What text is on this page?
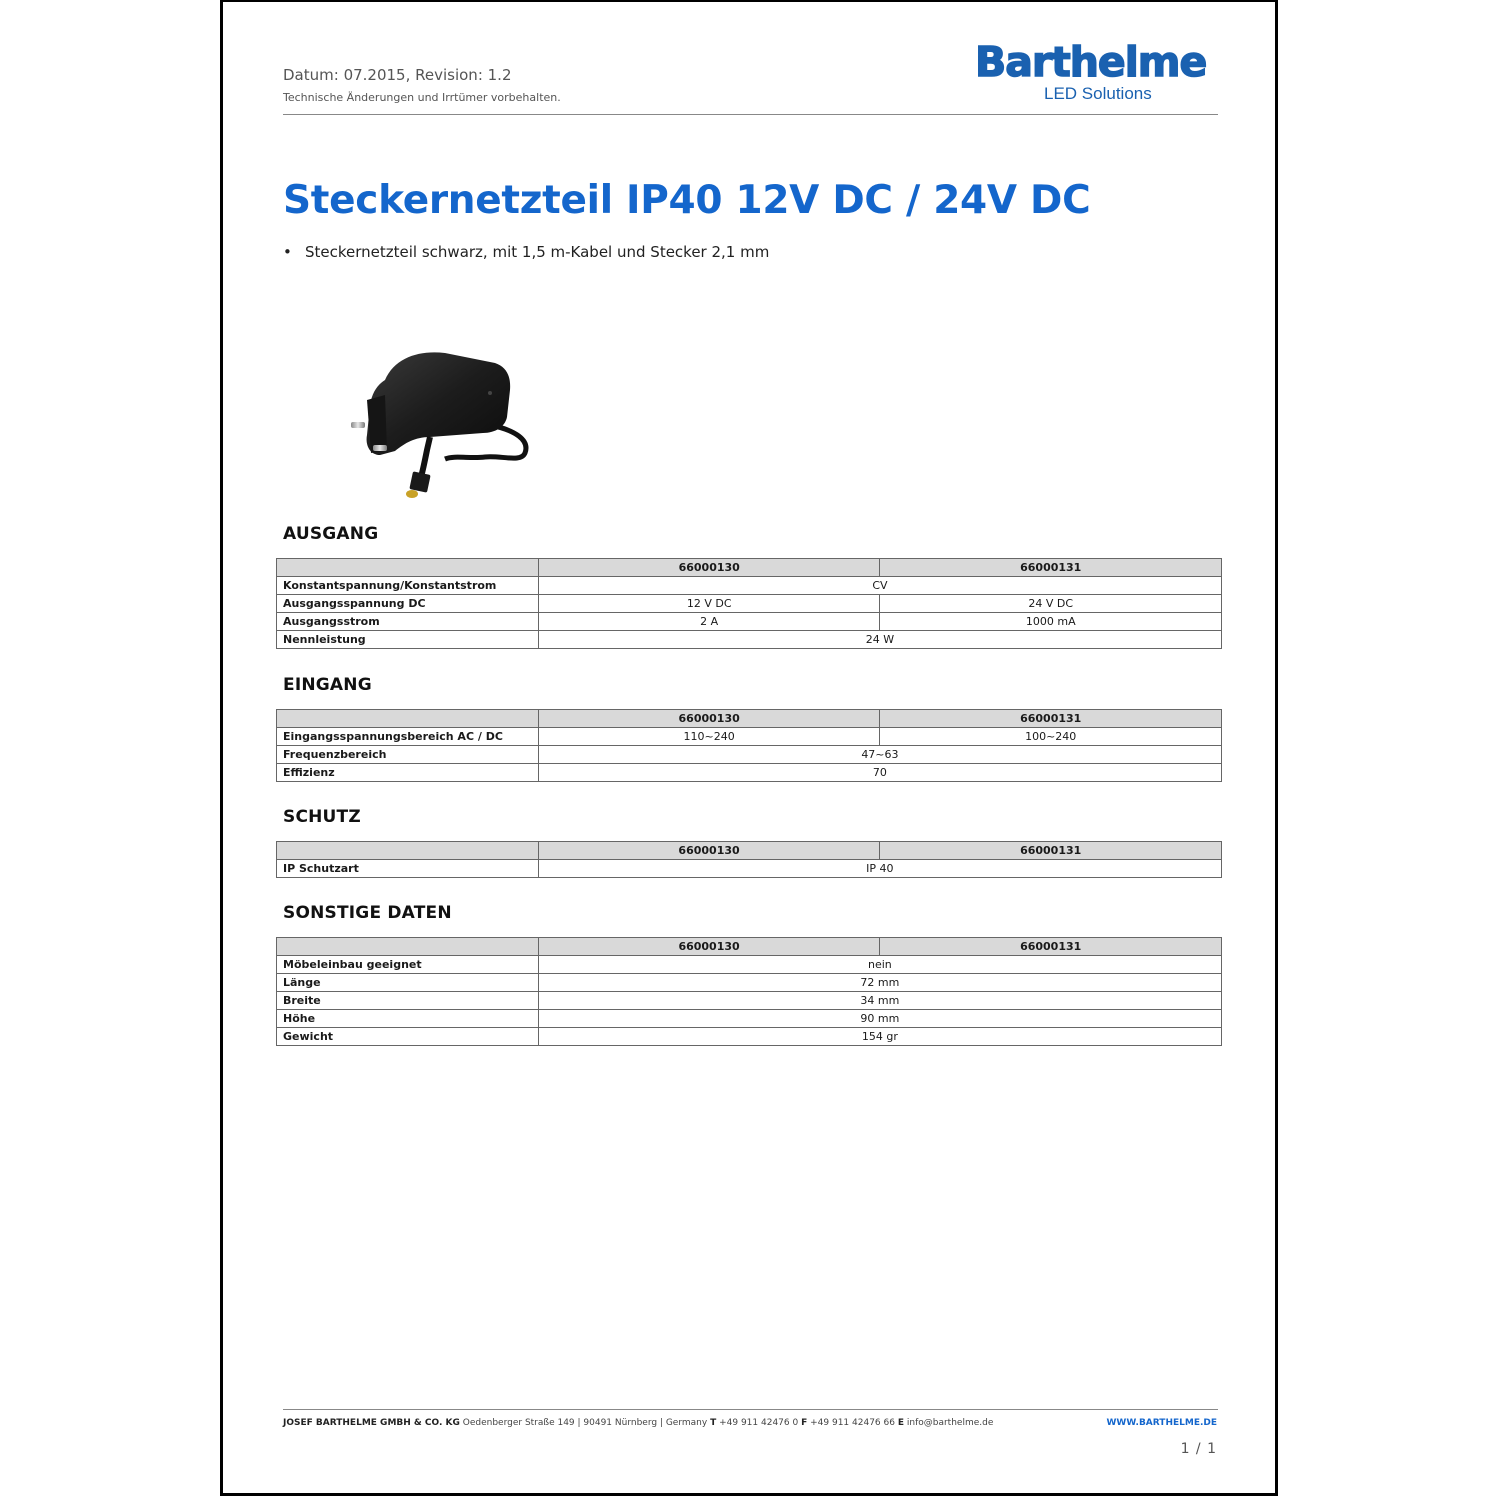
Datum: 07.2015, Revision: 1.2
Technische Änderungen und Irrtümer vorbehalten.
Barthelme
LED Solutions
Steckernetzteil IP40 12V DC / 24V DC
• Steckernetzteil schwarz, mit 1,5 m-Kabel und Stecker 2,1 mm
AUSGANG
	66000130	66000131
Konstantspannung/Konstantstrom	CV	
Ausgangsspannung DC	12 V DC	24 V DC
Ausgangsstrom	2 A	1000 mA
Nennleistung	24 W	
EINGANG
	66000130	66000131
Eingangsspannungsbereich AC / DC	110~240	100~240
Frequenzbereich	47~63	
Effizienz	70	
SCHUTZ
	66000130	66000131
IP Schutzart	IP 40	
SONSTIGE DATEN
	66000130	66000131
Möbeleinbau geeignet	nein	
Länge	72 mm	
Breite	34 mm	
Höhe	90 mm	
Gewicht	154 gr	
JOSEF BARTHELME GMBH & CO. KG Oedenberger Straße 149 | 90491 Nürnberg | Germany T +49 911 42476 0 F +49 911 42476 66 E info@barthelme.de	WWW.BARTHELME.DE
1 / 1
